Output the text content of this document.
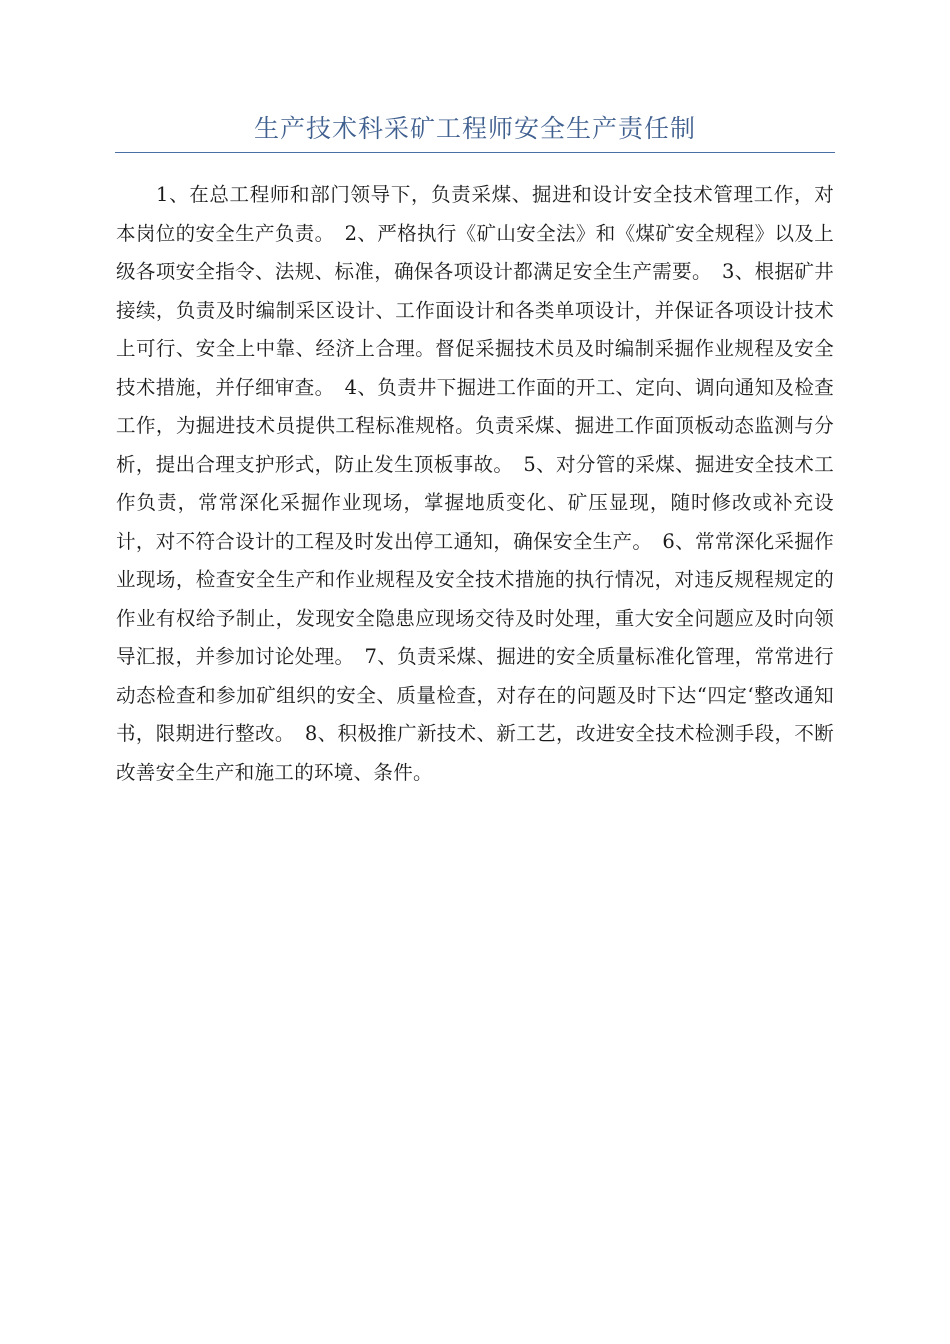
生产技术科采矿工程师安全生产责任制

1、在总工程师和部门领导下，负责采煤、掘进和设计安全技术管理工作，对本岗位的安全生产负责。　2、严格执行《矿山安全法》和《煤矿安全规程》以及上级各项安全指令、法规、标准，确保各项设计都满足安全生产需要。　3、根据矿井接续，负责及时编制采区设计、工作面设计和各类单项设计，并保证各项设计技术上可行、安全上中靠、经济上合理。督促采掘技术员及时编制采掘作业规程及安全技术措施，并仔细审查。　4、负责井下掘进工作面的开工、定向、调向通知及检查工作，为掘进技术员提供工程标准规格。负责采煤、掘进工作面顶板动态监测与分析，提出合理支护形式，防止发生顶板事故。　5、对分管的采煤、掘进安全技术工作负责，常常深化采掘作业现场，掌握地质变化、矿压显现，随时修改或补充设计，对不符合设计的工程及时发出停工通知，确保安全生产。　6、常常深化采掘作业现场，检查安全生产和作业规程及安全技术措施的执行情况，对违反规程规定的作业有权给予制止，发现安全隐患应现场交待及时处理，重大安全问题应及时向领导汇报，并参加讨论处理。　7、负责采煤、掘进的安全质量标准化管理，常常进行动态检查和参加矿组织的安全、质量检查，对存在的问题及时下达“四定‘整改通知书，限期进行整改。　8、积极推广新技术、新工艺，改进安全技术检测手段，不断改善安全生产和施工的环境、条件。
